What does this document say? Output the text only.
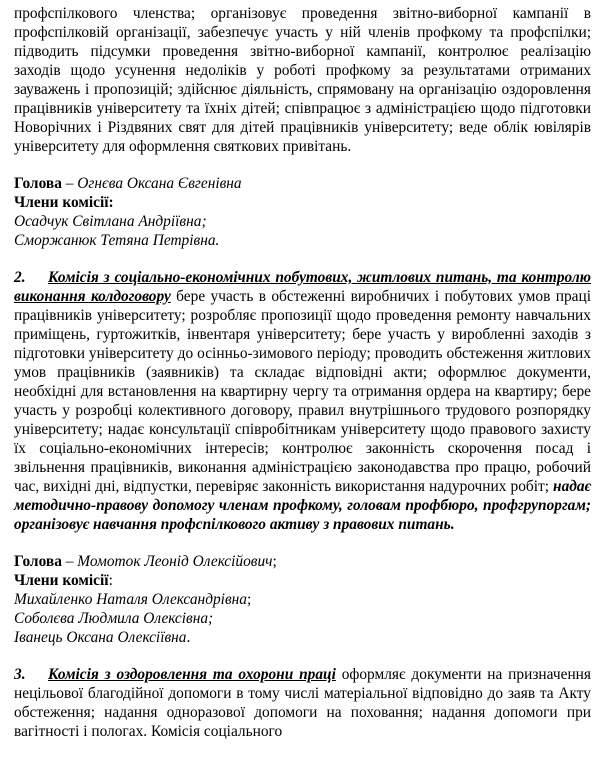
профспілкового членства; організовує проведення звітно-виборної кампанії в профспілковій організації, забезпечує участь у ній членів профкому та профспілки; підводить підсумки проведення звітно-виборної кампанії, контролює реалізацію заходів щодо усунення недоліків у роботі профкому за результатами отриманих зауважень і пропозицій; здійснює діяльність, спрямовану на організацію оздоровлення працівників університету та їхніх дітей; співпрацює з адміністрацією щодо підготовки Новорічних і Різдвяних свят для дітей працівників університету; веде облік ювілярів університету для оформлення святкових привітань.

Голова – Огнєва Оксана Євгенівна

Члени комісії:

Осадчук Світлана Андріївна;

Сморжанюк Тетяна Петрівна.

2. Комісія з соціально-економічних побутових, житлових питань, та контролю виконання колдоговору бере участь в обстеженні виробничих і побутових умов праці працівників університету; розробляє пропозиції щодо проведення ремонту навчальних приміщень, гуртожитків, інвентаря університету; бере участь у виробленні заходів з підготовки університету до осінньо-зимового періоду; проводить обстеження житлових умов працівників (заявників) та складає відповідні акти; оформлює документи, необхідні для встановлення на квартирну чергу та отримання ордера на квартиру; бере участь у розробці колективного договору, правил внутрішнього трудового розпорядку університету; надає консультації співробітникам університету щодо правового захисту їх соціально-економічних інтересів; контролює законність скорочення посад і звільнення працівників, виконання адміністрацією законодавства про працю, робочий час, вихідні дні, відпустки, перевіряє законність використання надурочних робіт; надає методично-правову допомогу членам профкому, головам профбюро, профгрупоргам; організовує навчання профспілкового активу з правових питань.

Голова – Момоток Леонід Олексійович;

Члени комісії:

Михайленко Наталя Олександрівна;

Соболєва Людмила Олексівна;

Іванець Оксана Олексіївна.

3. Комісія з оздоровлення та охорони праці оформляє документи на призначення нецільової благодійної допомоги в тому числі матеріальної відповідно до заяв та Акту обстеження; надання одноразової допомоги на поховання; надання допомоги при вагітності і пологах. Комісія соціального
